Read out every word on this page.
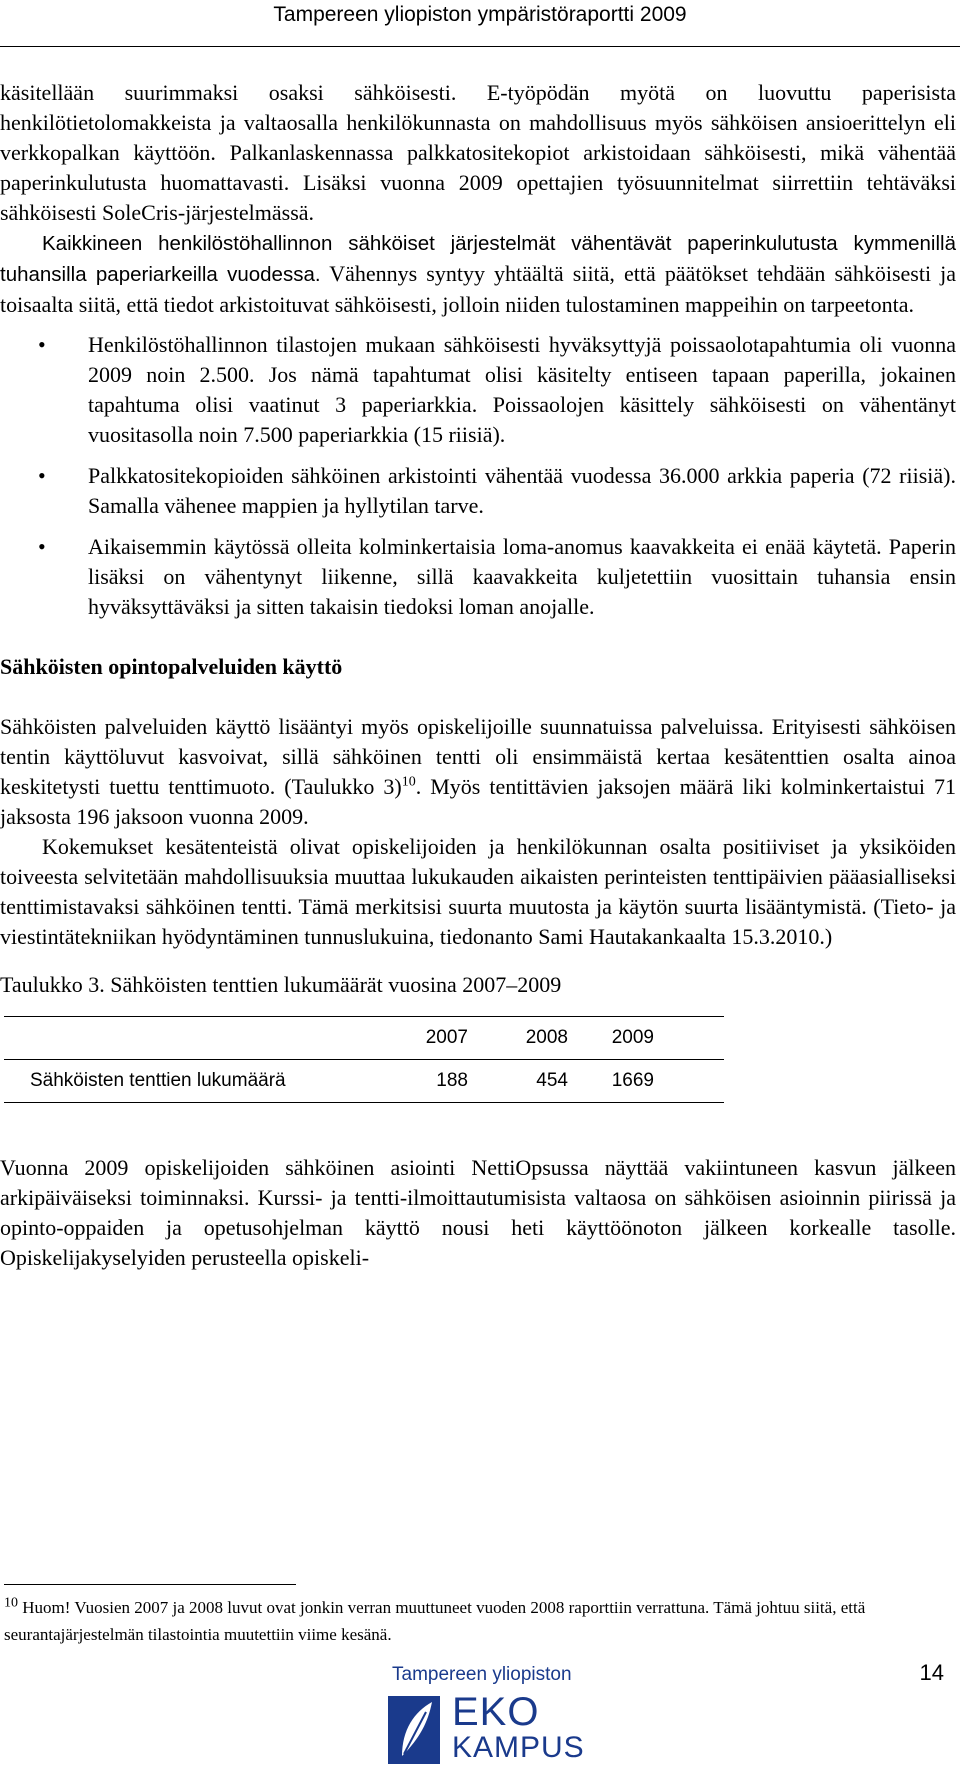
Tampereen yliopiston ympäristöraportti 2009

käsitellään suurimmaksi osaksi sähköisesti. E-työpödän myötä on luovuttu paperisista henkilötietolomakkeista ja valtaosalla henkilökunnasta on mahdollisuus myös sähköisen ansioerittelyn eli verkkopalkan käyttöön. Palkanlaskennassa palkkatositekopiot arkistoidaan sähköisesti, mikä vähentää paperinkulutusta huomattavasti. Lisäksi vuonna 2009 opettajien työsuunnitelmat siirrettiin tehtäväksi sähköisesti SoleCris-järjestelmässä.

Kaikkineen henkilöstöhallinnon sähköiset järjestelmät vähentävät paperinkulutusta kymmenillä tuhansilla paperiarkeilla vuodessa. Vähennys syntyy yhtäältä siitä, että päätökset tehdään sähköisesti ja toisaalta siitä, että tiedot arkistoituvat sähköisesti, jolloin niiden tulostaminen mappeihin on tarpeetonta.

• Henkilöstöhallinnon tilastojen mukaan sähköisesti hyväksyttyjä poissaolotapahtumia oli vuonna 2009 noin 2.500. Jos nämä tapahtumat olisi käsitelty entiseen tapaan paperilla, jokainen tapahtuma olisi vaatinut 3 paperiarkkia. Poissaolojen käsittely sähköisesti on vähentänyt vuositasolla noin 7.500 paperiarkkia (15 riisiä).
• Palkkatositekopioiden sähköinen arkistointi vähentää vuodessa 36.000 arkkia paperia (72 riisiä). Samalla vähenee mappien ja hyllytilan tarve.
• Aikaisemmin käytössä olleita kolminkertaisia loma-anomus kaavakkeita ei enää käytetä. Paperin lisäksi on vähentynyt liikenne, sillä kaavakkeita kuljetettiin vuosittain tuhansia ensin hyväksyttäväksi ja sitten takaisin tiedoksi loman anojalle.
Sähköisten opintopalveluiden käyttö

Sähköisten palveluiden käyttö lisääntyi myös opiskelijoille suunnatuissa palveluissa. Erityisesti sähköisen tentin käyttöluvut kasvoivat, sillä sähköinen tentti oli ensimmäistä kertaa kesätenttien osalta ainoa keskitetysti tuettu tenttimuoto. (Taulukko 3)$^{10}$. Myös tentittävien jaksojen määrä liki kolminkertaistui 71 jaksosta 196 jaksoon vuonna 2009.

Kokemukset kesätenteistä olivat opiskelijoiden ja henkilökunnan osalta positiiviset ja yksiköiden toiveesta selvitetään mahdollisuuksia muuttaa lukukauden aikaisten perinteisten tenttipäivien pääasialliseksi tenttimistavaksi sähköinen tentti. Tämä merkitsisi suurta muutosta ja käytön suurta lisääntymistä. (Tieto- ja viestintätekniikan hyödyntäminen tunnuslukuina, tiedonanto Sami Hautakankaalta 15.3.2010.)

Taulukko 3. Sähköisten tenttien lukumäärät vuosina 2007–2009

	2007	2008	2009	
Sähköisten tenttien lukumäärä	188	454	1669	

Vuonna 2009 opiskelijoiden sähköinen asiointi NettiOpsussa näyttää vakiintuneen kasvun jälkeen arkipäiväiseksi toiminnaksi. Kurssi- ja tentti-ilmoittautumisista valtaosa on sähköisen asioinnin piirissä ja opinto-oppaiden ja opetusohjelman käyttö nousi heti käyttöönoton jälkeen korkealle tasolle. Opiskelijakyselyiden perusteella opiskeli-

$^{10}$ Huom! Vuosien 2007 ja 2008 luvut ovat jonkin verran muuttuneet vuoden 2008 raporttiin verrattuna. Tämä johtuu siitä, että seurantajärjestelmän tilastointia muutettiin viime kesänä.
Tampereen yliopiston
EKO
KAMPUS
14
